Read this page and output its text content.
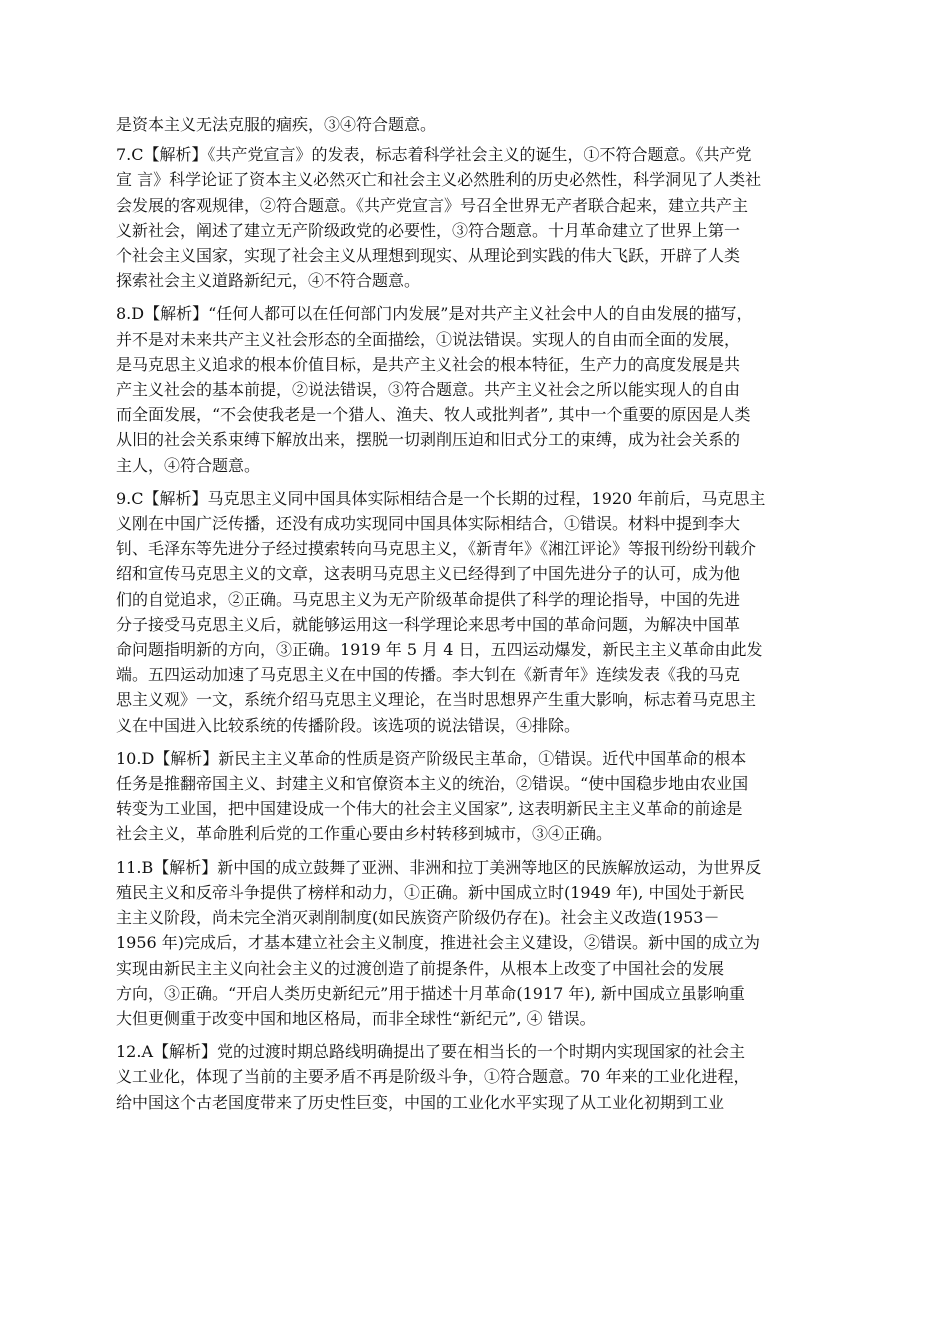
是资本主义无法克服的痼疾，③④符合题意。

7.C【解析】《共产党宣言》的发表，标志着科学社会主义的诞生，①不符合题意。《共产党
宣 言》科学论证了资本主义必然灭亡和社会主义必然胜利的历史必然性，科学洞见了人类社
会发展的客观规律，②符合题意。《共产党宣言》号召全世界无产者联合起来，建立共产主
义新社会，阐述了建立无产阶级政党的必要性，③符合题意。十月革命建立了世界上第一
个社会主义国家，实现了社会主义从理想到现实、从理论到实践的伟大飞跃，开辟了人类
探索社会主义道路新纪元，④不符合题意。

8.D【解析】“任何人都可以在任何部门内发展”是对共产主义社会中人的自由发展的描写，
并不是对未来共产主义社会形态的全面描绘，①说法错误。实现人的自由而全面的发展，
是马克思主义追求的根本价值目标，是共产主义社会的根本特征，生产力的高度发展是共
产主义社会的基本前提，②说法错误，③符合题意。共产主义社会之所以能实现人的自由
而全面发展，“不会使我老是一个猎人、渔夫、牧人或批判者”, 其中一个重要的原因是人类
从旧的社会关系束缚下解放出来，摆脱一切剥削压迫和旧式分工的束缚，成为社会关系的
主人，④符合题意。

9.C【解析】马克思主义同中国具体实际相结合是一个长期的过程，1920 年前后，马克思主
义刚在中国广泛传播，还没有成功实现同中国具体实际相结合，①错误。材料中提到李大
钊、毛泽东等先进分子经过摸索转向马克思主义，《新青年》《湘江评论》等报刊纷纷刊载介
绍和宣传马克思主义的文章，这表明马克思主义已经得到了中国先进分子的认可，成为他
们的自觉追求，②正确。马克思主义为无产阶级革命提供了科学的理论指导，中国的先进
分子接受马克思主义后，就能够运用这一科学理论来思考中国的革命问题，为解决中国革
命问题指明新的方向，③正确。1919 年 5 月 4 日，五四运动爆发，新民主主义革命由此发
端。五四运动加速了马克思主义在中国的传播。李大钊在《新青年》连续发表《我的马克
思主义观》一文，系统介绍马克思主义理论，在当时思想界产生重大影响，标志着马克思主
义在中国进入比较系统的传播阶段。该选项的说法错误，④排除。

10.D【解析】新民主主义革命的性质是资产阶级民主革命，①错误。近代中国革命的根本
任务是推翻帝国主义、封建主义和官僚资本主义的统治，②错误。“使中国稳步地由农业国
转变为工业国，把中国建设成一个伟大的社会主义国家”, 这表明新民主主义革命的前途是
社会主义，革命胜利后党的工作重心要由乡村转移到城市，③④正确。

11.B【解析】新中国的成立鼓舞了亚洲、非洲和拉丁美洲等地区的民族解放运动，为世界反
殖民主义和反帝斗争提供了榜样和动力，①正确。新中国成立时(1949 年), 中国处于新民
主主义阶段，尚未完全消灭剥削制度(如民族资产阶级仍存在)。社会主义改造(1953－
1956 年)完成后，才基本建立社会主义制度，推进社会主义建设，②错误。新中国的成立为
实现由新民主主义向社会主义的过渡创造了前提条件，从根本上改变了中国社会的发展
方向，③正确。“开启人类历史新纪元”用于描述十月革命(1917 年), 新中国成立虽影响重
大但更侧重于改变中国和地区格局，而非全球性“新纪元”, ④ 错误。

12.A【解析】党的过渡时期总路线明确提出了要在相当长的一个时期内实现国家的社会主
义工业化，体现了当前的主要矛盾不再是阶级斗争，①符合题意。70 年来的工业化进程，
给中国这个古老国度带来了历史性巨变，中国的工业化水平实现了从工业化初期到工业
